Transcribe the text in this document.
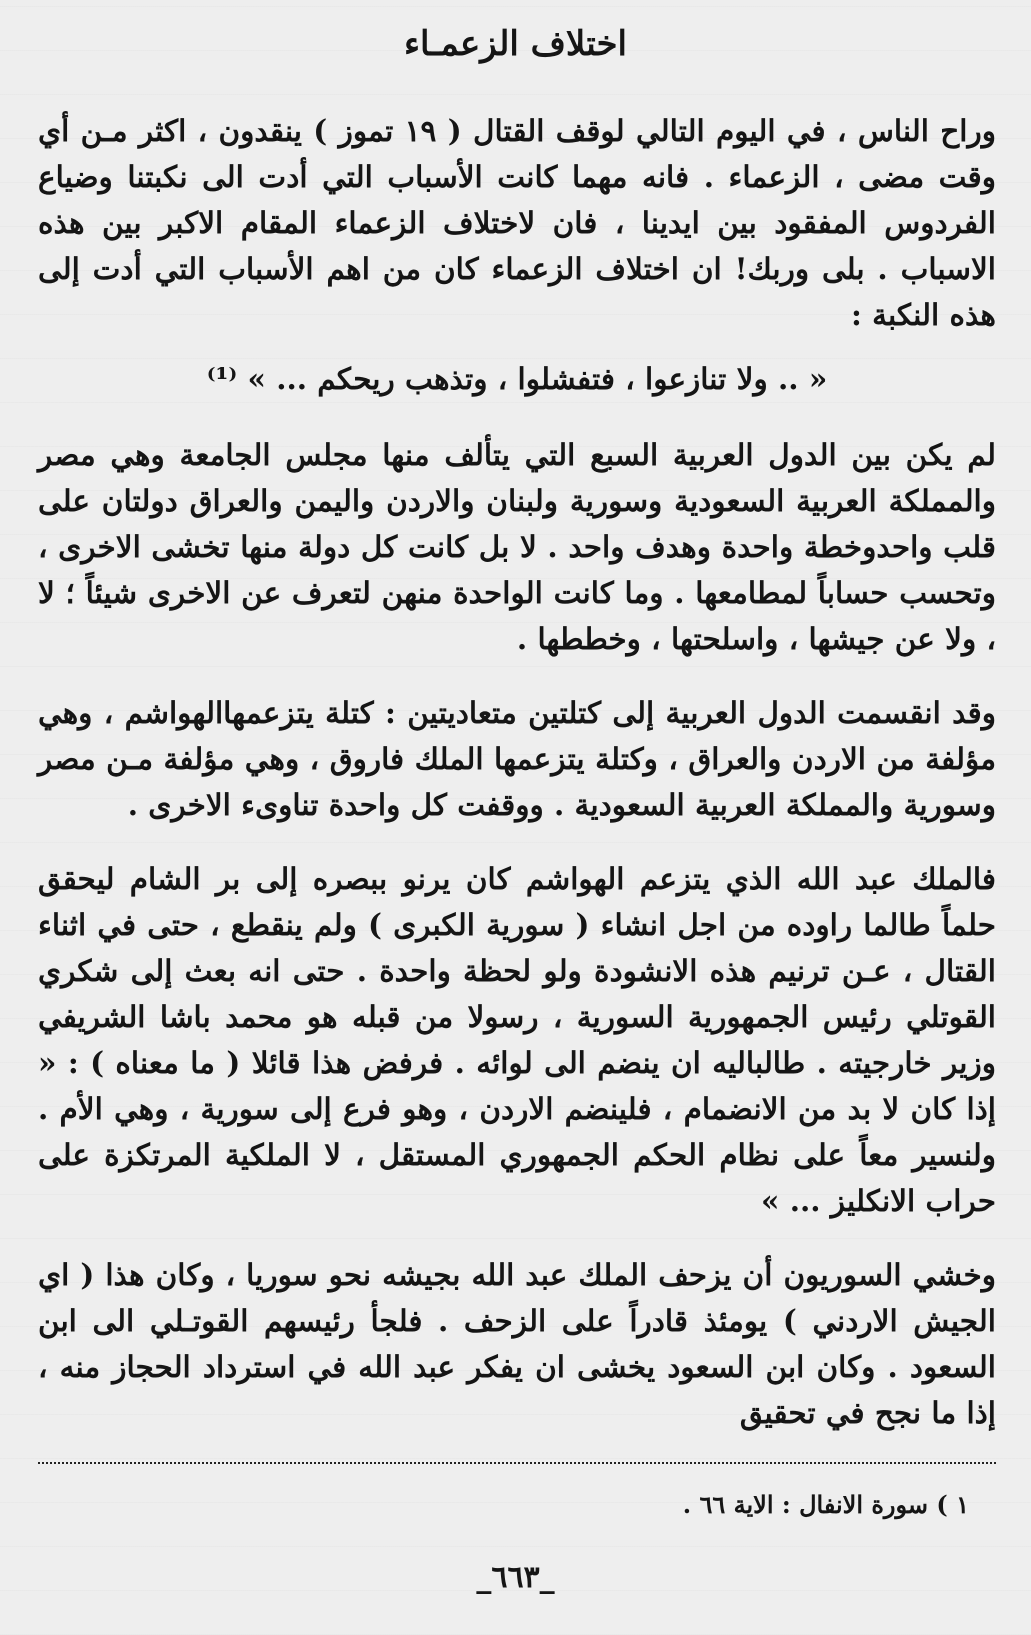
اختلاف الزعمـاء

وراح الناس ، في اليوم التالي لوقف القتال ( ١٩ تموز ) ينقدون ، اكثر مـن أي وقت مضى ، الزعماء . فانه مهما كانت الأسباب التي أدت الى نكبتنا وضياع الفردوس المفقود بين ايدينا ، فان لاختلاف الزعماء المقام الاكبر بين هذه الاسباب . بلى وربك! ان اختلاف الزعماء كان من اهم الأسباب التي أدت إلى هذه النكبة :

« .. ولا تنازعوا ، فتفشلوا ، وتذهب ريحكم ... » ⁽¹⁾

لم يكن بين الدول العربية السبع التي يتألف منها مجلس الجامعة وهي مصر والمملكة العربية السعودية وسورية ولبنان والاردن واليمن والعراق دولتان على قلب واحدوخطة واحدة وهدف واحد . لا بل كانت كل دولة منها تخشى الاخرى ، وتحسب حساباً لمطامعها . وما كانت الواحدة منهن لتعرف عن الاخرى شيئاً ؛ لا ، ولا عن جيشها ، واسلحتها ، وخططها .

وقد انقسمت الدول العربية إلى كتلتين متعاديتين : كتلة يتزعمهاالهواشم ، وهي مؤلفة من الاردن والعراق ، وكتلة يتزعمها الملك فاروق ، وهي مؤلفة مـن مصر وسورية والمملكة العربية السعودية . ووقفت كل واحدة تناوىء الاخرى .

فالملك عبد الله الذي يتزعم الهواشم كان يرنو ببصره إلى بر الشام ليحقق حلماً طالما راوده من اجل انشاء ( سورية الكبرى ) ولم ينقطع ، حتى في اثناء القتال ، عـن ترنيم هذه الانشودة ولو لحظة واحدة . حتى انه بعث إلى شكري القوتلي رئيس الجمهورية السورية ، رسولا من قبله هو محمد باشا الشريفي وزير خارجيته . طالباليه ان ينضم الى لوائه . فرفض هذا قائلا ( ما معناه ) : « إذا كان لا بد من الانضمام ، فلينضم الاردن ، وهو فرع إلى سورية ، وهي الأم . ولنسير معاً على نظام الحكم الجمهوري المستقل ، لا الملكية المرتكزة على حراب الانكليز ... »

وخشي السوريون أن يزحف الملك عبد الله بجيشه نحو سوريا ، وكان هذا ( اي الجيش الاردني ) يومئذ قادراً على الزحف . فلجأ رئيسهم القوتـلي الى ابن السعود . وكان ابن السعود يخشى ان يفكر عبد الله في استرداد الحجاز منه ، إذا ما نجح في تحقيق

١ ) سورة الانفال : الاية ٦٦ .
_٦٦٣_
